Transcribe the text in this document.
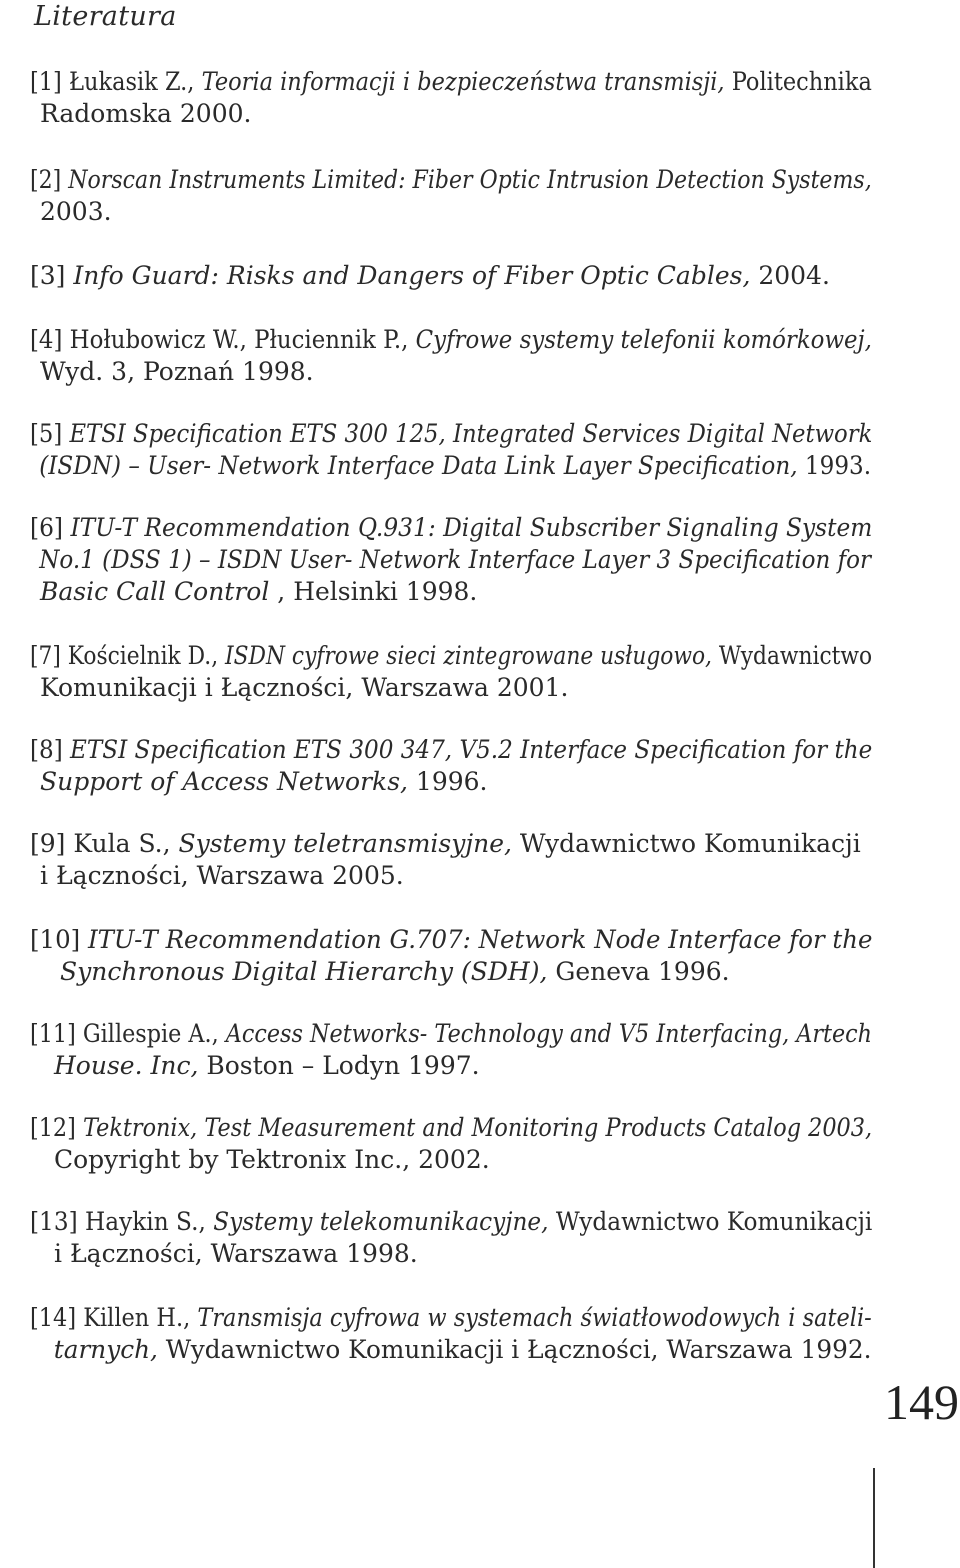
Literatura
[1] Łukasik Z., Teoria informacji i bezpieczeństwa transmisji, Politechnika
Radomska 2000.
[2] Norscan Instruments Limited: Fiber Optic Intrusion Detection Systems,
2003.
[3] Info Guard: Risks and Dangers of Fiber Optic Cables, 2004.
[4] Hołubowicz W., Płuciennik P., Cyfrowe systemy telefonii komórkowej,
Wyd. 3, Poznań 1998.
[5] ETSI Specification ETS 300 125, Integrated Services Digital Network
(ISDN) – User- Network Interface Data Link Layer Specification, 1993.
[6] ITU-T Recommendation Q.931: Digital Subscriber Signaling System
No.1 (DSS 1) – ISDN User- Network Interface Layer 3 Specification for
Basic Call Control , Helsinki 1998.
[7] Kościelnik D., ISDN cyfrowe sieci zintegrowane usługowo, Wydawnictwo
Komunikacji i Łączności, Warszawa 2001.
[8] ETSI Specification ETS 300 347, V5.2 Interface Specification for the
Support of Access Networks, 1996.
[9] Kula S., Systemy teletransmisyjne, Wydawnictwo Komunikacji
i Łączności, Warszawa 2005.
[10] ITU-T Recommendation G.707: Network Node Interface for the
Synchronous Digital Hierarchy (SDH), Geneva 1996.
[11] Gillespie A., Access Networks- Technology and V5 Interfacing, Artech
House. Inc, Boston – Lodyn 1997.
[12] Tektronix, Test Measurement and Monitoring Products Catalog 2003,
Copyright by Tektronix Inc., 2002.
[13] Haykin S., Systemy telekomunikacyjne, Wydawnictwo Komunikacji
i Łączności, Warszawa 1998.
[14] Killen H., Transmisja cyfrowa w systemach światłowodowych i sateli-
tarnych, Wydawnictwo Komunikacji i Łączności, Warszawa 1992.
149
